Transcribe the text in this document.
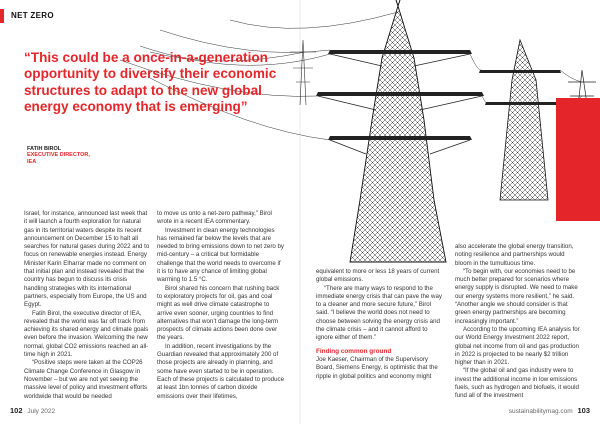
NET ZERO
“This could be a once-in-a-generation opportunity to diversify their economic structures to adapt to the new global energy economy that is emerging”
FATIH BIROL
EXECUTIVE DIRECTOR,
IEA

Israel, for instance, announced last week that it will launch a fourth exploration for natural gas in its territorial waters despite its recent announcement on December 15 to halt all searches for natural gases during 2022 and to focus on renewable energies instead. Energy Minister Karin Elharrar made no comment on that initial plan and instead revealed that the country has begun to discuss its crisis handling strategies with its international partners, especially from Europe, the US and Egypt.

Fatih Birol, the executive director of IEA, revealed that the world was far off track from achieving its shared energy and climate goals even before the invasion. Welcoming the new normal, global CO2 emissions reached an all-time high in 2021.

“Positive steps were taken at the COP26 Climate Change Conference in Glasgow in November – but we are not yet seeing the massive level of policy and investment efforts worldwide that would be needed

to move us onto a net-zero pathway,” Birol wrote in a recent IEA commentary.

Investment in clean energy technologies has remained far below the levels that are needed to bring emissions down to net zero by mid-century – a critical but formidable challenge that the world needs to overcome if it is to have any chance of limiting global warming to 1.5 °C.

Birol shared his concern that rushing back to exploratory projects for oil, gas and coal might as well drive climate catastrophe to arrive even sooner, urging countries to find alternatives that won’t damage the long-term prospects of climate actions been done over the years.

In addition, recent investigations by the Guardian revealed that approximately 200 of those projects are already in planning, and some have even started to be in operation. Each of these projects is calculated to produce at least 1bn tonnes of carbon dioxide emissions over their lifetimes,

equivalent to more or less 18 years of current global emissions.

“There are many ways to respond to the immediate energy crisis that can pave the way to a cleaner and more secure future,” Birol said. “I believe the world does not need to choose between solving the energy crisis and the climate crisis – and it cannot afford to ignore either of them.”

Finding common ground

Joe Kaeser, Chairman of the Supervisory Board, Siemens Energy, is optimistic that the ripple in global politics and economy might

also accelerate the global energy transition, noting resilience and partnerships would bloom in the tumultuous time.

“To begin with, our economies need to be much better prepared for scenarios where energy supply is disrupted. We need to make our energy systems more resilient,” he said. “Another angle we should consider is that green energy partnerships are becoming increasingly important.”

According to the upcoming IEA analysis for our World Energy Investment 2022 report, global net income from oil and gas production in 2022 is projected to be nearly $2 trillion higher than in 2021.

“If the global oil and gas industry were to invest the additional income in low emissions fuels, such as hydrogen and biofuels, it would fund all of the investment

102 July 2022	sustainabilitymag.com 103
